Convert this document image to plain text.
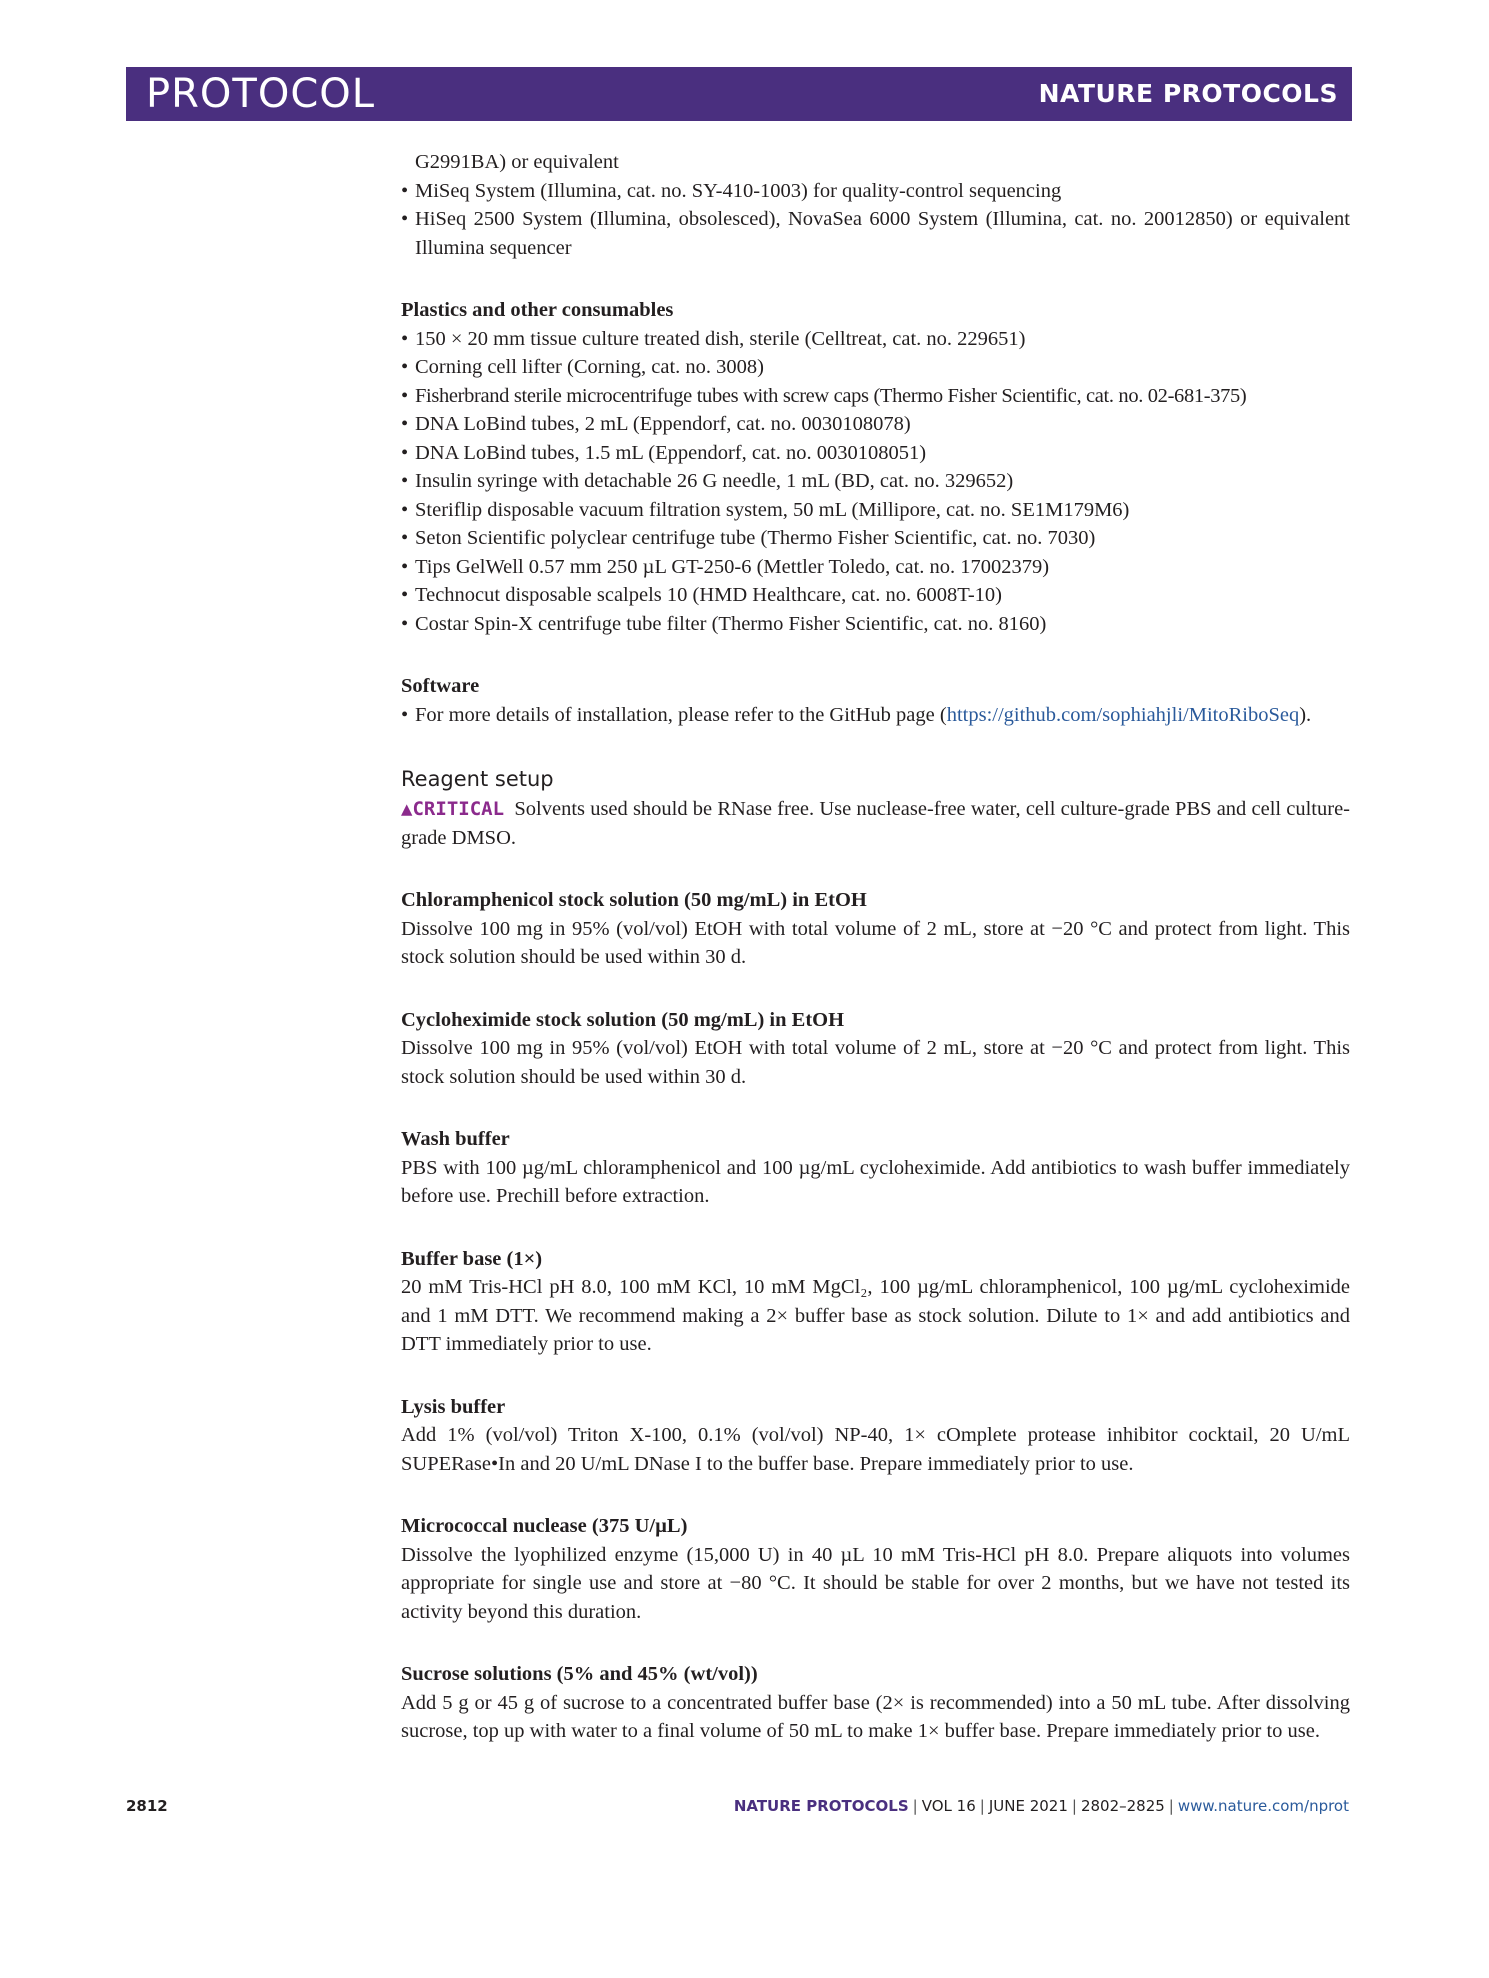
PROTOCOL	NATURE PROTOCOLS
G2991BA) or equivalent
• MiSeq System (Illumina, cat. no. SY-410-1003) for quality-control sequencing
• HiSeq 2500 System (Illumina, obsolesced), NovaSea 6000 System (Illumina, cat. no. 20012850) or equivalent Illumina sequencer

Plastics and other consumables

• 150 × 20 mm tissue culture treated dish, sterile (Celltreat, cat. no. 229651)
• Corning cell lifter (Corning, cat. no. 3008)
• Fisherbrand sterile microcentrifuge tubes with screw caps (Thermo Fisher Scientific, cat. no. 02-681-375)
• DNA LoBind tubes, 2 mL (Eppendorf, cat. no. 0030108078)
• DNA LoBind tubes, 1.5 mL (Eppendorf, cat. no. 0030108051)
• Insulin syringe with detachable 26 G needle, 1 mL (BD, cat. no. 329652)
• Steriflip disposable vacuum filtration system, 50 mL (Millipore, cat. no. SE1M179M6)
• Seton Scientific polyclear centrifuge tube (Thermo Fisher Scientific, cat. no. 7030)
• Tips GelWell 0.57 mm 250 µL GT-250-6 (Mettler Toledo, cat. no. 17002379)
• Technocut disposable scalpels 10 (HMD Healthcare, cat. no. 6008T-10)
• Costar Spin-X centrifuge tube filter (Thermo Fisher Scientific, cat. no. 8160)

Software

• For more details of installation, please refer to the GitHub page (https://github.com/sophiahjli/MitoRiboSeq).

Reagent setup

▲CRITICAL Solvents used should be RNase free. Use nuclease-free water, cell culture-grade PBS and cell culture-grade DMSO.

Chloramphenicol stock solution (50 mg/mL) in EtOH

Dissolve 100 mg in 95% (vol/vol) EtOH with total volume of 2 mL, store at −20 °C and protect from light. This stock solution should be used within 30 d.

Cycloheximide stock solution (50 mg/mL) in EtOH

Dissolve 100 mg in 95% (vol/vol) EtOH with total volume of 2 mL, store at −20 °C and protect from light. This stock solution should be used within 30 d.

Wash buffer

PBS with 100 µg/mL chloramphenicol and 100 µg/mL cycloheximide. Add antibiotics to wash buffer immediately before use. Prechill before extraction.

Buffer base (1×)

20 mM Tris-HCl pH 8.0, 100 mM KCl, 10 mM MgCl₂, 100 µg/mL chloramphenicol, 100 µg/mL cycloheximide and 1 mM DTT. We recommend making a 2× buffer base as stock solution. Dilute to 1× and add antibiotics and DTT immediately prior to use.

Lysis buffer

Add 1% (vol/vol) Triton X-100, 0.1% (vol/vol) NP-40, 1× cOmplete protease inhibitor cocktail, 20 U/mL SUPERase•In and 20 U/mL DNase I to the buffer base. Prepare immediately prior to use.

Micrococcal nuclease (375 U/µL)

Dissolve the lyophilized enzyme (15,000 U) in 40 µL 10 mM Tris-HCl pH 8.0. Prepare aliquots into volumes appropriate for single use and store at −80 °C. It should be stable for over 2 months, but we have not tested its activity beyond this duration.

Sucrose solutions (5% and 45% (wt/vol))

Add 5 g or 45 g of sucrose to a concentrated buffer base (2× is recommended) into a 50 mL tube. After dissolving sucrose, top up with water to a final volume of 50 mL to make 1× buffer base. Prepare immediately prior to use.

2812	NATURE PROTOCOLS | VOL 16 | JUNE 2021 | 2802–2825 | www.nature.com/nprot
